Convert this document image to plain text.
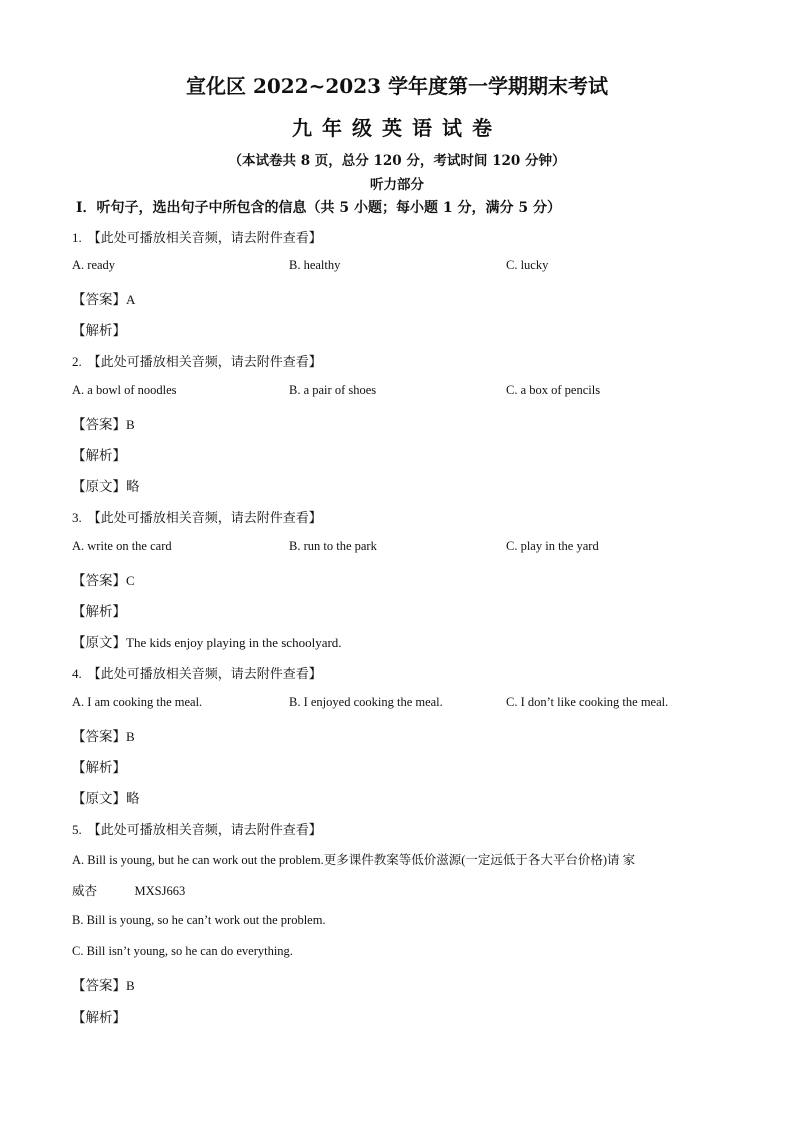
宣化区 2022~2023 学年度第一学期期末考试
九年级英语试卷
（本试卷共 8 页，总分 120 分，考试时间 120 分钟）
听力部分
Ⅰ．听句子，选出句子中所包含的信息（共 5 小题；每小题 1 分，满分 5 分）
1. 【此处可播放相关音频，请去附件查看】
A. ready	B. healthy	C. lucky
【答案】A
【解析】
2. 【此处可播放相关音频，请去附件查看】
A. a bowl of noodles	B. a pair of shoes	C. a box of pencils
【答案】B
【解析】
【原文】略
3. 【此处可播放相关音频，请去附件查看】
A. write on the card	B. run to the park	C. play in the yard
【答案】C
【解析】
【原文】The kids enjoy playing in the schoolyard.
4. 【此处可播放相关音频，请去附件查看】
A. I am cooking the meal.	B. I enjoyed cooking the meal.	C. I don’t like cooking the meal.
【答案】B
【解析】
【原文】略
5. 【此处可播放相关音频，请去附件查看】
A. Bill is young, but he can work out the problem.更多课件教案等低价滋源(一定远低于各大平台价格)请 家
威杏　　　MXSJ663
B. Bill is young, so he can’t work out the problem.
C. Bill isn’t young, so he can do everything.
【答案】B
【解析】
